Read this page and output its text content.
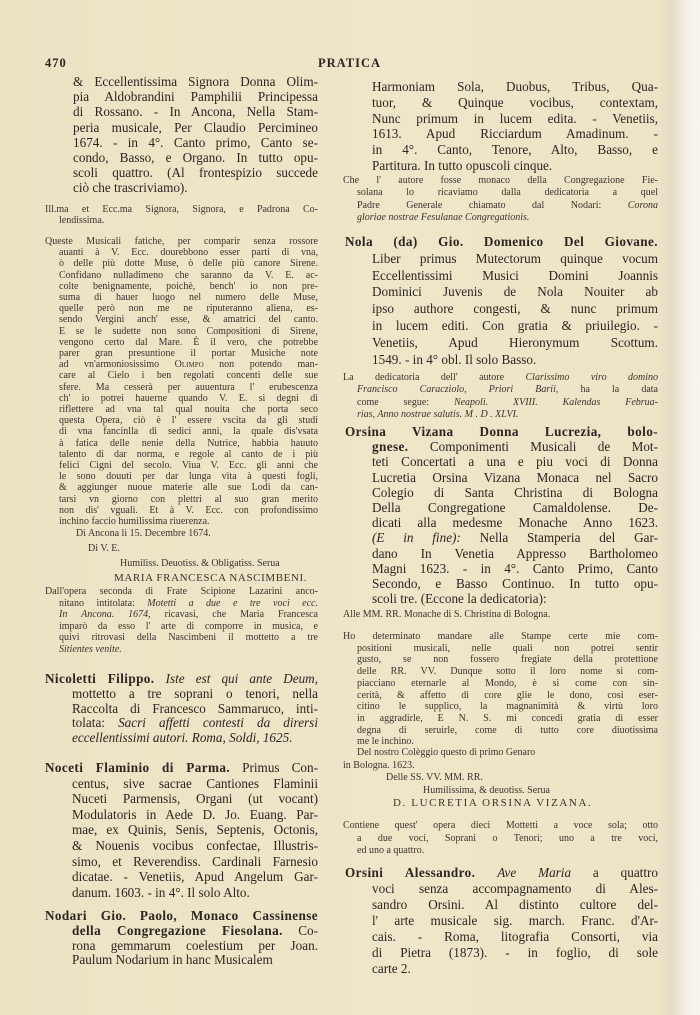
470	PRATICA
& Eccellentissima Signora Donna Olim-
pia Aldobrandini Pamphilii Principessa
di Rossano. - In Ancona, Nella Stam-
peria musicale, Per Claudio Percimineo
1674. - in 4°. Canto primo, Canto se-
condo, Basso, e Organo. In tutto opu-
scoli quattro. (Al frontespizio succede
ciò che trascriviamo).
Ill.ma et Ecc.ma Signora, Signora, e Padrona Co-
lendissima.
Queste Musicali fatiche, per comparir senza rossore
auanti à V. Ecc. dourebbono esser parti di vna,
ò delle più dotte Muse, ò delle più canore Sirene.
Confidano nulladimeno che saranno da V. E. ac-
colte benignamente, poichè, bench' io non pre-
suma di hauer luogo nel numero delle Muse,
quelle però non me ne riputeranno aliena, es-
sendo Vergini anch' esse, & amatrici del canto.
E se le sudette non sono Compositioni di Sirene,
vengono certo dal Mare. È il vero, che potrebbe
parer gran presuntione il portar Musiche note
ad vn'armoniosissimo Olimpo non potendo man-
care al Cielo i ben regolati concenti delle sue
sfere. Ma cesserà per auuentura l' erubescenza
ch' io potrei hauerne quando V. E. si degni di
riflettere ad vna tal qual nouita che porta seco
questa Opera, ciò è l' essere vscita da gli studi
di vna fancinlla di sedici anni, la quale dis'vsata
à fatica delle nenie della Nutrice, habbia hauuto
talento di dar norma, e regole al canto de i più
felici Cigni del secolo. Viua V. Ecc. gli anni che
le sono douuti per dar lunga vita à questi fogli,
& aggiunger nuoue materie alle sue Lodi da can-
tarsi vn giorno con plettri al suo gran merito
non dis' vguali. Et à V. Ecc. con profondissimo
inchino faccio humilissima riuerenza.
Di Ancona li 15. Decembre 1674.
Di V. E.
Humiliss. Deuotiss. & Obligatiss. Serua
MARIA FRANCESCA NASCIMBENI.
Dall'opera seconda di Frate Scipione Lazarini anco-
nitano intitolata: Motetti a due e tre voci ecc.
In Ancona. 1674, ricavasi, che Maria Francesca
imparò da esso l' arte di comporre in musica, e
quivi ritrovasi della Nascimbeni il mottetto a tre
Sitientes venite.
Nicoletti Filippo. Iste est qui ante Deum,
mottetto a tre soprani o tenori, nella
Raccolta di Francesco Sammaruco, inti-
tolata: Sacri affetti contesti da dirersi
eccellentissimi autori. Roma, Soldi, 1625.
Noceti Flaminio di Parma. Primus Con-
centus, sive sacrae Cantiones Flaminii
Nuceti Parmensis, Organi (ut vocant)
Modulatoris in Aede D. Jo. Euang. Par-
mae, ex Quinis, Senis, Septenis, Octonis,
& Nouenis vocibus confectae, Illustris-
simo, et Reverendiss. Cardinali Farnesio
dicatae. - Venetiis, Apud Angelum Gar-
danum. 1603. - in 4°. Il solo Alto.
Nodari Gio. Paolo, Monaco Cassinense
della Congregazione Fiesolana. Co-
rona gemmarum coelestium per Joan.
Paulum Nodarium in hanc Musicalem
Harmoniam Sola, Duobus, Tribus, Qua-
tuor, & Quinque vocibus, contextam,
Nunc primum in lucem edita. - Venetiis,
1613. Apud Ricciardum Amadinum. -
in 4°. Canto, Tenore, Alto, Basso, e
Partitura. In tutto opuscoli cinque.
Che l' autore fosse monaco della Congregazione Fie-
solana lo ricaviamo dalla dedicatoria a quel
Padre Generale chiamato dal Nodari: Corona
gloriae nostrae Fesulanae Congregationis.
Nola (da) Gio. Domenico Del Giovane.
Liber primus Mutectorum quinque vocum
Eccellentissimi Musici Domini Joannis
Dominici Juvenis de Nola Nouiter ab
ipso authore congesti, & nunc primum
in lucem editi. Con gratia & priuilegio. -
Venetiis, Apud Hieronymum Scottum.
1549. - in 4° obl. Il solo Basso.
La dedicatoria dell' autore Clarissimo viro domino
Francisco Caracziolo, Priori Barii, ha la data
come segue: Neapoli. XVIII. Kalendas Februa-
rias, Anno nostrae salutis. M . D . XLVI.
Orsina Vizana Donna Lucrezia, bolo-
gnese. Componimenti Musicali de Mot-
teti Concertati a una e piu voci di Donna
Lucretia Orsina Vizana Monaca nel Sacro
Colegio di Santa Christina di Bologna
Della Congregatione Camaldolense. De-
dicati alla medesme Monache Anno 1623.
(E in fine): Nella Stamperia del Gar-
dano In Venetia Appresso Bartholomeo
Magni 1623. - in 4°. Canto Primo, Canto
Secondo, e Basso Continuo. In tutto opu-
scoli tre. (Eccone la dedicatoria):
Alle MM. RR. Monache di S. Christina di Bologna.
Ho determinato mandare alle Stampe certe mie com-
positioni musicali, nelle quali non potrei sentir
gusto, se non fossero fregiate della protettione
delle RR. VV. Dunque sotto il loro nome si com-
piacciano eternarle al Mondo, è si come con sin-
cerità, & affetto di core glie le dono, cosi eser-
citino le supplico, la magnanimità & virtù loro
in aggradirle, E N. S. mi concedi gratia di esser
degna di seruirle, come di tutto core diuotissima
me le inchino.
Del nostro Colèggio questo dì primo Genaro
in Bologna. 1623.
Delle SS. VV. MM. RR.
Humilissima, & deuotiss. Serua
D. LUCRETIA ORSINA VIZANA.
Contiene quest' opera dieci Mottetti a voce sola; otto
a due voci, Soprani o Tenori; uno a tre voci,
ed uno a quattro.
Orsini Alessandro. Ave Maria a quattro
voci senza accompagnamento di Ales-
sandro Orsini. Al distinto cultore del-
l' arte musicale sig. march. Franc. d'Ar-
cais. - Roma, litografia Consorti, via
di Pietra (1873). - in foglio, di sole
carte 2.
